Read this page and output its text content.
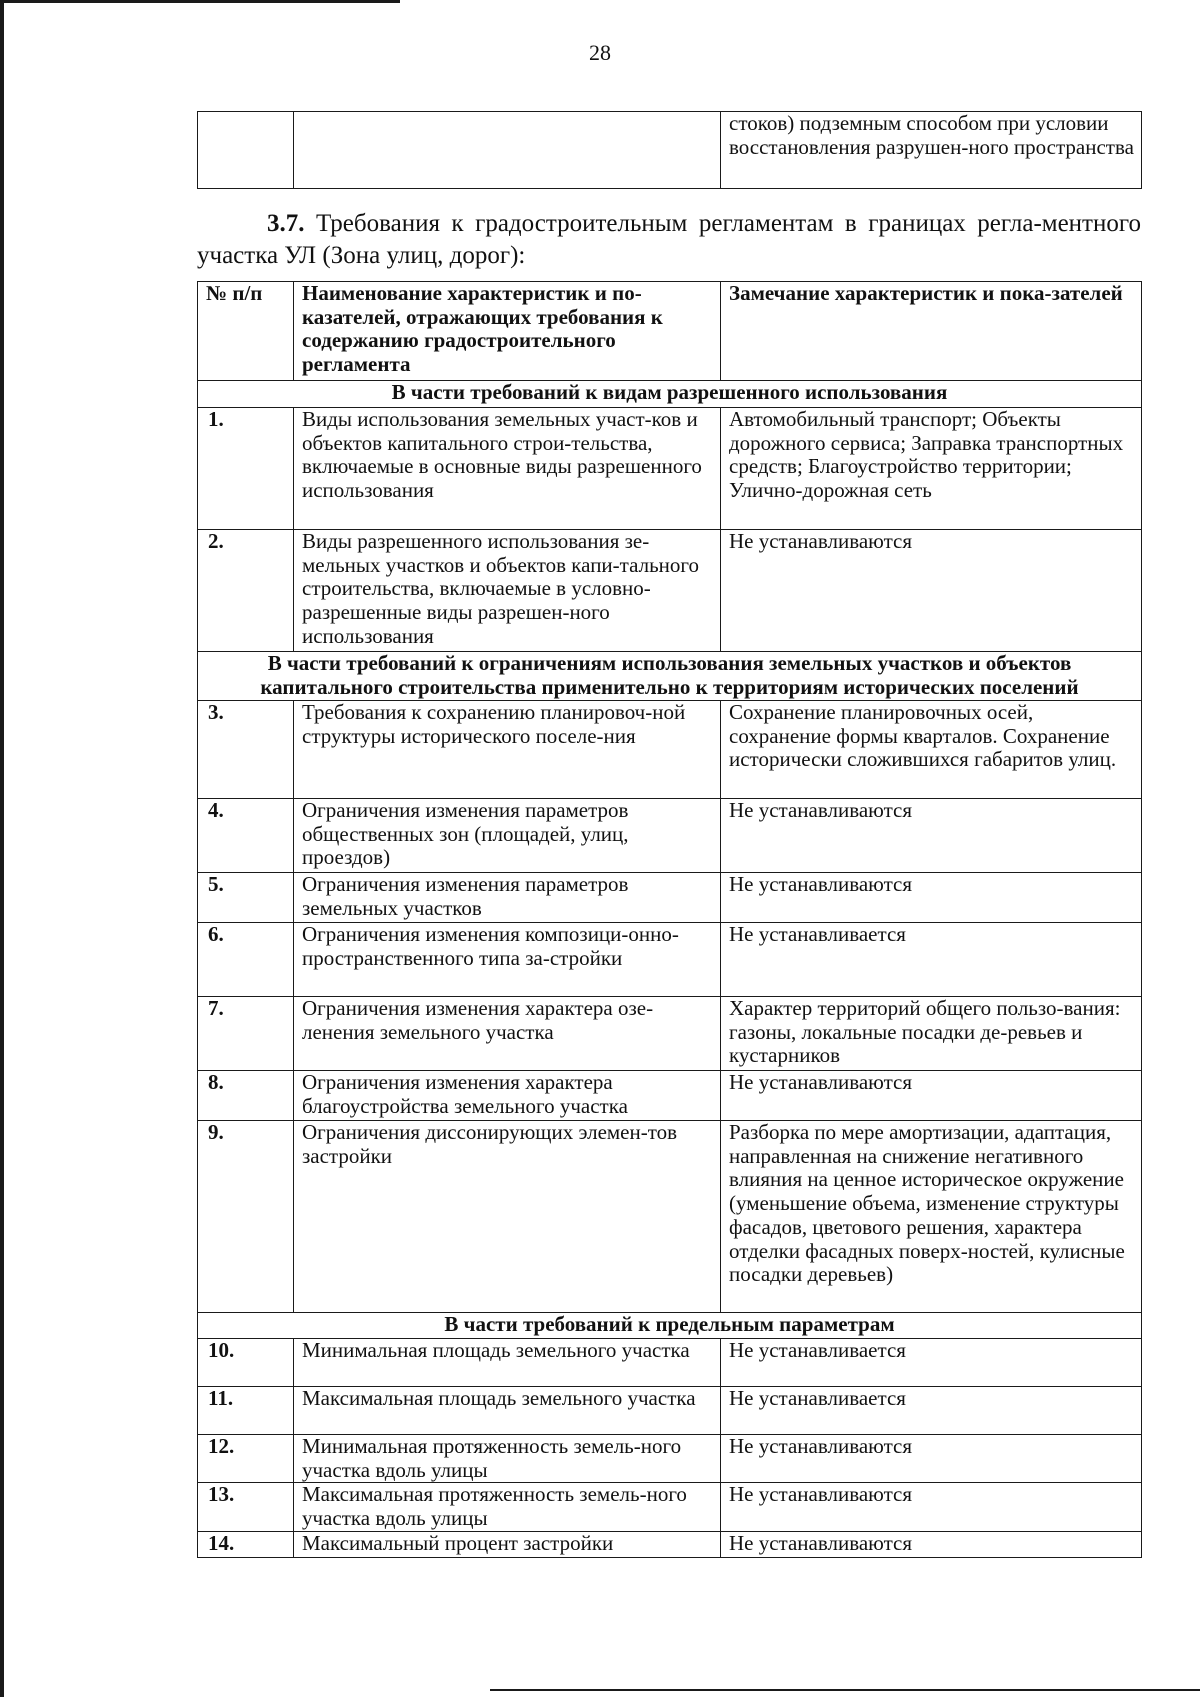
28
		стоков) подземным способом при условии восстановления разрушен-ного пространства
3.7. Требования к градостроительным регламентам в границах регла-ментного участка УЛ (Зона улиц, дорог):
№ п/п	Наименование характеристик и по-казателей, отражающих требования к содержанию градостроительного регламента	Замечание характеристик и пока-зателей
В части требований к видам разрешенного использования		
1.	Виды использования земельных участ-ков и объектов капитального строи-тельства, включаемые в основные виды разрешенного использования	Автомобильный транспорт; Объекты дорожного сервиса; Заправка транспортных средств; Благоустройство территории; Улично-дорожная сеть
2.	Виды разрешенного использования зе-мельных участков и объектов капи-тального строительства, включаемые в условно-разрешенные виды разрешен-ного использования	Не устанавливаются
В части требований к ограничениям использования земельных участков и объектов капитального строительства применительно к территориям исторических поселений		
3.	Требования к сохранению планировоч-ной структуры исторического поселе-ния	Сохранение планировочных осей, сохранение формы кварталов. Сохранение исторически сложившихся габаритов улиц.
4.	Ограничения изменения параметров общественных зон (площадей, улиц, проездов)	Не устанавливаются
5.	Ограничения изменения параметров земельных участков	Не устанавливаются
6.	Ограничения изменения композици-онно-пространственного типа за-стройки	Не устанавливается
7.	Ограничения изменения характера озе-ленения земельного участка	Характер территорий общего пользо-вания: газоны, локальные посадки де-ревьев и кустарников
8.	Ограничения изменения характера благоустройства земельного участка	Не устанавливаются
9.	Ограничения диссонирующих элемен-тов застройки	Разборка по мере амортизации, адаптация, направленная на снижение негативного влияния на ценное историческое окружение (уменьшение объема, изменение структуры фасадов, цветового решения, характера отделки фасадных поверх-ностей, кулисные посадки деревьев)
В части требований к предельным параметрам		
10.	Минимальная площадь земельного участка	Не устанавливается
11.	Максимальная площадь земельного участка	Не устанавливается
12.	Минимальная протяженность земель-ного участка вдоль улицы	Не устанавливаются
13.	Максимальная протяженность земель-ного участка вдоль улицы	Не устанавливаются
14.	Максимальный процент застройки	Не устанавливаются
